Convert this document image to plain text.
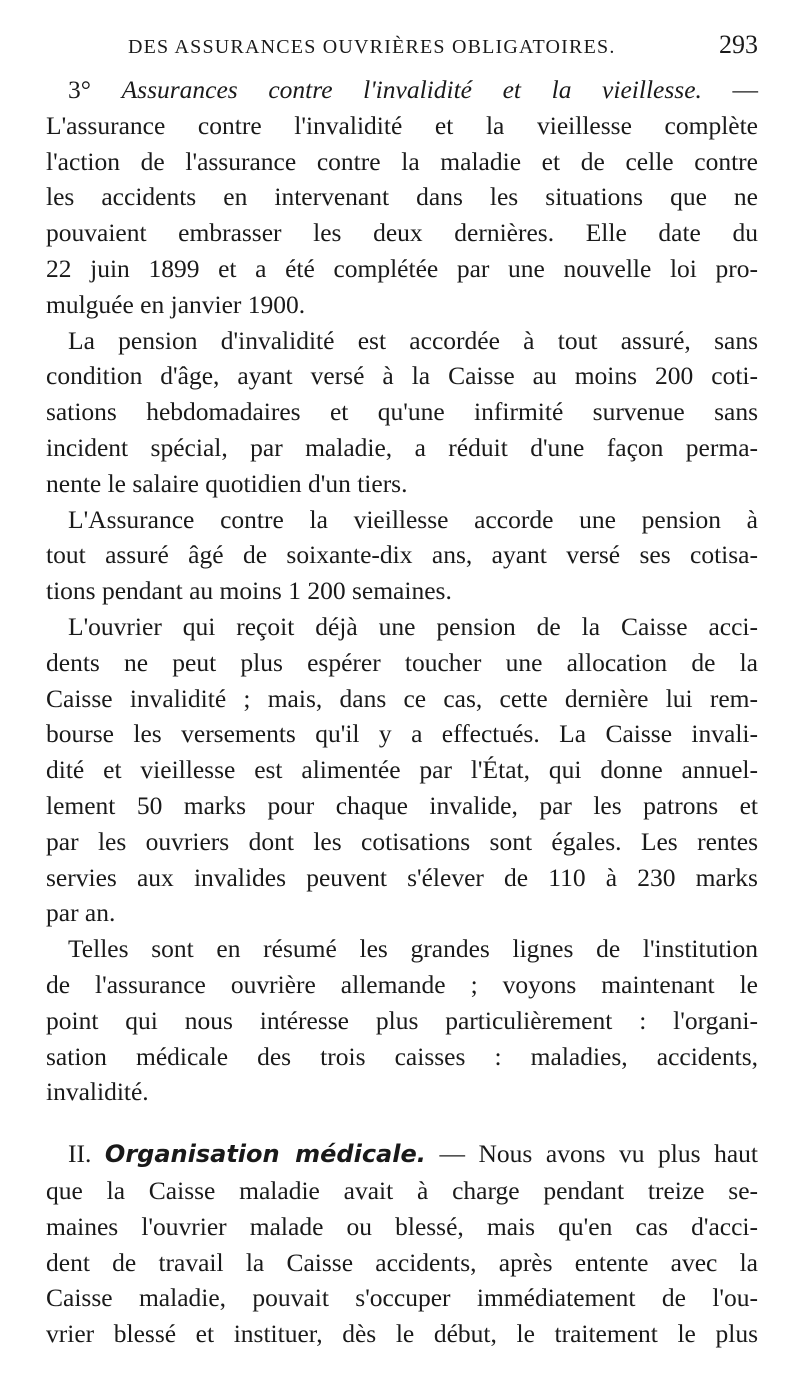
DES ASSURANCES OUVRIÈRES OBLIGATOIRES.	293
3° Assurances contre l'invalidité et la vieillesse. —
L'assurance contre l'invalidité et la vieillesse complète
l'action de l'assurance contre la maladie et de celle contre
les accidents en intervenant dans les situations que ne
pouvaient embrasser les deux dernières. Elle date du
22 juin 1899 et a été complétée par une nouvelle loi pro-
mulguée en janvier 1900.
La pension d'invalidité est accordée à tout assuré, sans
condition d'âge, ayant versé à la Caisse au moins 200 coti-
sations hebdomadaires et qu'une infirmité survenue sans
incident spécial, par maladie, a réduit d'une façon perma-
nente le salaire quotidien d'un tiers.
L'Assurance contre la vieillesse accorde une pension à
tout assuré âgé de soixante-dix ans, ayant versé ses cotisa-
tions pendant au moins 1 200 semaines.
L'ouvrier qui reçoit déjà une pension de la Caisse acci-
dents ne peut plus espérer toucher une allocation de la
Caisse invalidité ; mais, dans ce cas, cette dernière lui rem-
bourse les versements qu'il y a effectués. La Caisse invali-
dité et vieillesse est alimentée par l'État, qui donne annuel-
lement 50 marks pour chaque invalide, par les patrons et
par les ouvriers dont les cotisations sont égales. Les rentes
servies aux invalides peuvent s'élever de 110 à 230 marks
par an.
Telles sont en résumé les grandes lignes de l'institution
de l'assurance ouvrière allemande ; voyons maintenant le
point qui nous intéresse plus particulièrement : l'organi-
sation médicale des trois caisses : maladies, accidents,
invalidité.
II. Organisation médicale. — Nous avons vu plus haut
que la Caisse maladie avait à charge pendant treize se-
maines l'ouvrier malade ou blessé, mais qu'en cas d'acci-
dent de travail la Caisse accidents, après entente avec la
Caisse maladie, pouvait s'occuper immédiatement de l'ou-
vrier blessé et instituer, dès le début, le traitement le plus
